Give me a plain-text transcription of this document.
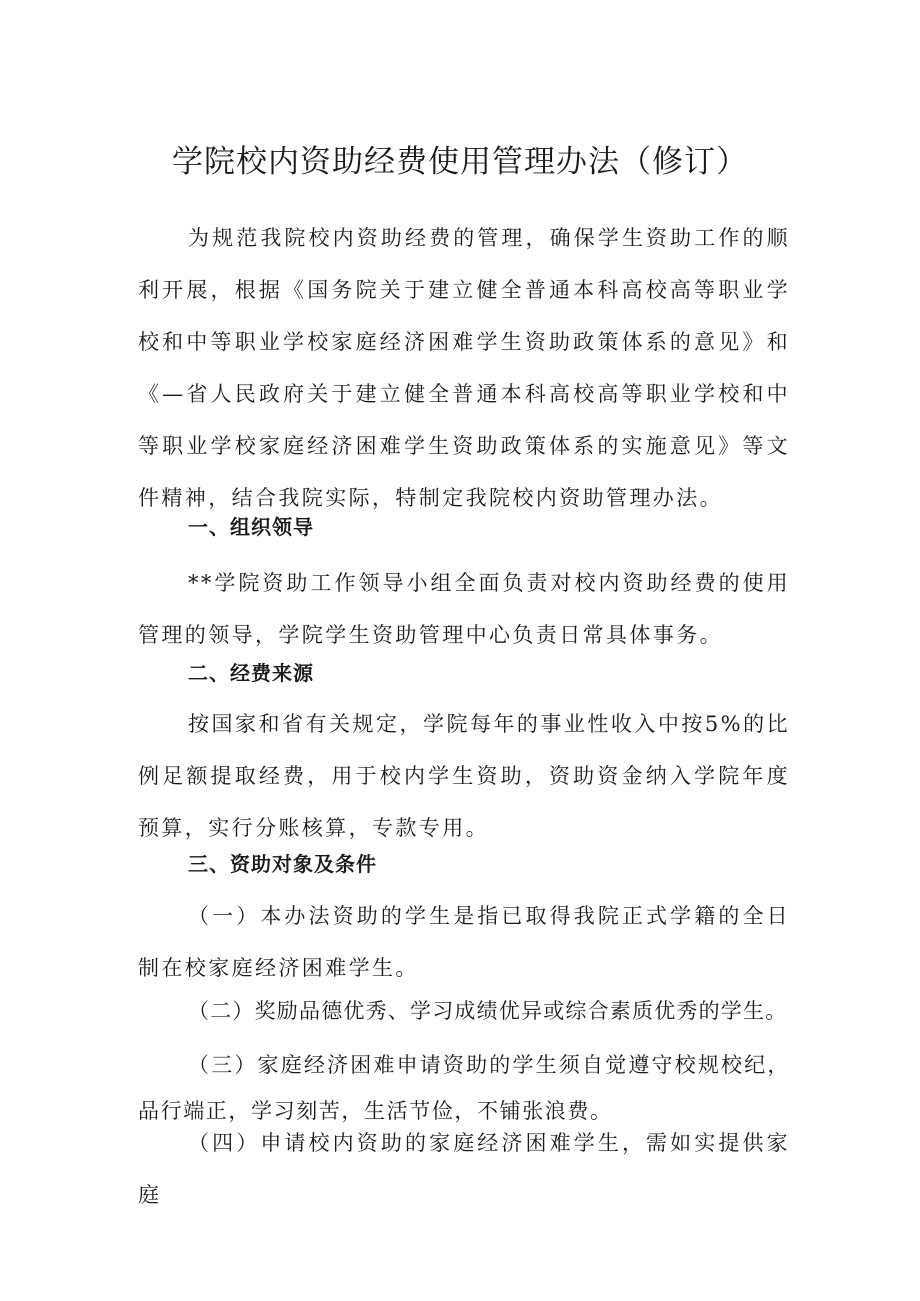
学院校内资助经费使用管理办法（修订）

为规范我院校内资助经费的管理，确保学生资助工作的顺利开展，根据《国务院关于建立健全普通本科高校高等职业学校和中等职业学校家庭经济困难学生资助政策体系的意见》和《—省人民政府关于建立健全普通本科高校高等职业学校和中等职业学校家庭经济困难学生资助政策体系的实施意见》等文件精神，结合我院实际，特制定我院校内资助管理办法。

一、组织领导

**学院资助工作领导小组全面负责对校内资助经费的使用管理的领导，学院学生资助管理中心负责日常具体事务。

二、经费来源

按国家和省有关规定，学院每年的事业性收入中按5%的比例足额提取经费，用于校内学生资助，资助资金纳入学院年度预算，实行分账核算，专款专用。

三、资助对象及条件

（一）本办法资助的学生是指已取得我院正式学籍的全日制在校家庭经济困难学生。

（二）奖励品德优秀、学习成绩优异或综合素质优秀的学生。

（三）家庭经济困难申请资助的学生须自觉遵守校规校纪，品行端正，学习刻苦，生活节俭，不铺张浪费。

（四）申请校内资助的家庭经济困难学生，需如实提供家庭
